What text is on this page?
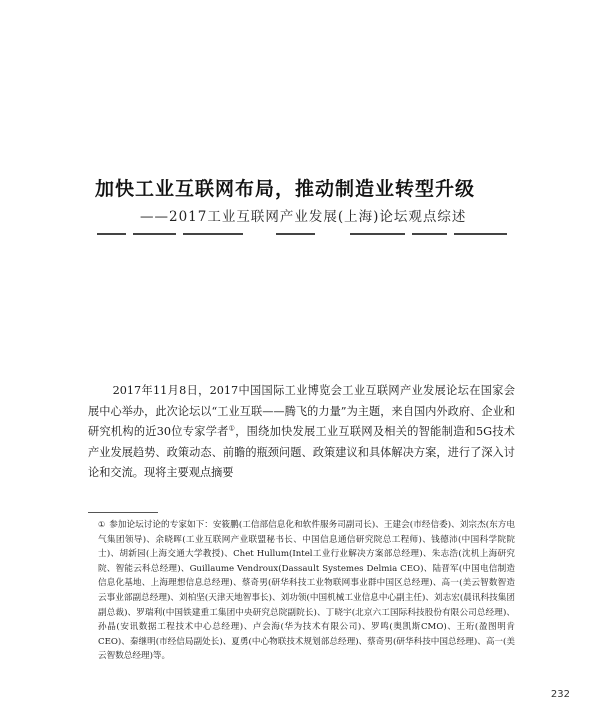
加快工业互联网布局，推动制造业转型升级
——2017工业互联网产业发展(上海)论坛观点综述
2017年11月8日，2017中国国际工业博览会工业互联网产业发展论坛在国家会展中心举办，此次论坛以“工业互联——腾飞的力量”为主题，来自国内外政府、企业和研究机构的近30位专家学者①，围绕加快发展工业互联网及相关的智能制造和5G技术产业发展趋势、政策动态、前瞻的瓶颈问题、政策建议和具体解决方案，进行了深入讨论和交流。现将主要观点摘要
① 参加论坛讨论的专家如下：安筱鹏(工信部信息化和软件服务司副司长)、王建会(市经信委)、刘宗杰(东方电气集团领导)、余晓晖(工业互联网产业联盟秘书长、中国信息通信研究院总工程师)、钱德沛(中国科学院院士)、胡新园(上海交通大学教授)、Chet Hullum(Intel工业行业解决方案部总经理)、朱志浩(沈机上海研究院、智能云科总经理)、Guillaume Vendroux(Dassault Systemes Delmia CEO)、陆晋军(中国电信制造信息化基地、上海理想信息总经理)、蔡奇男(研华科技工业物联网事业群中国区总经理)、高一(美云智数智造云事业部副总经理)、刘柏坚(天津天地智事长)、刘功领(中国机械工业信息中心副主任)、刘志宏(晨讯科技集团副总裁)、罗瑞利(中国铁建重工集团中央研究总院副院长)、丁晓宇(北京六工国际科技股份有限公司总经理)、孙晶(安讯数据工程技术中心总经理)、卢会海(华为技术有限公司)、罗鸣(奥凯斯CMO)、王珩(盈图明肯CEO)、秦继明(市经信局副处长)、夏勇(中心物联技术规划部总经理)、蔡奇男(研华科技中国总经理)、高一(美云智数总经理)等。
232
